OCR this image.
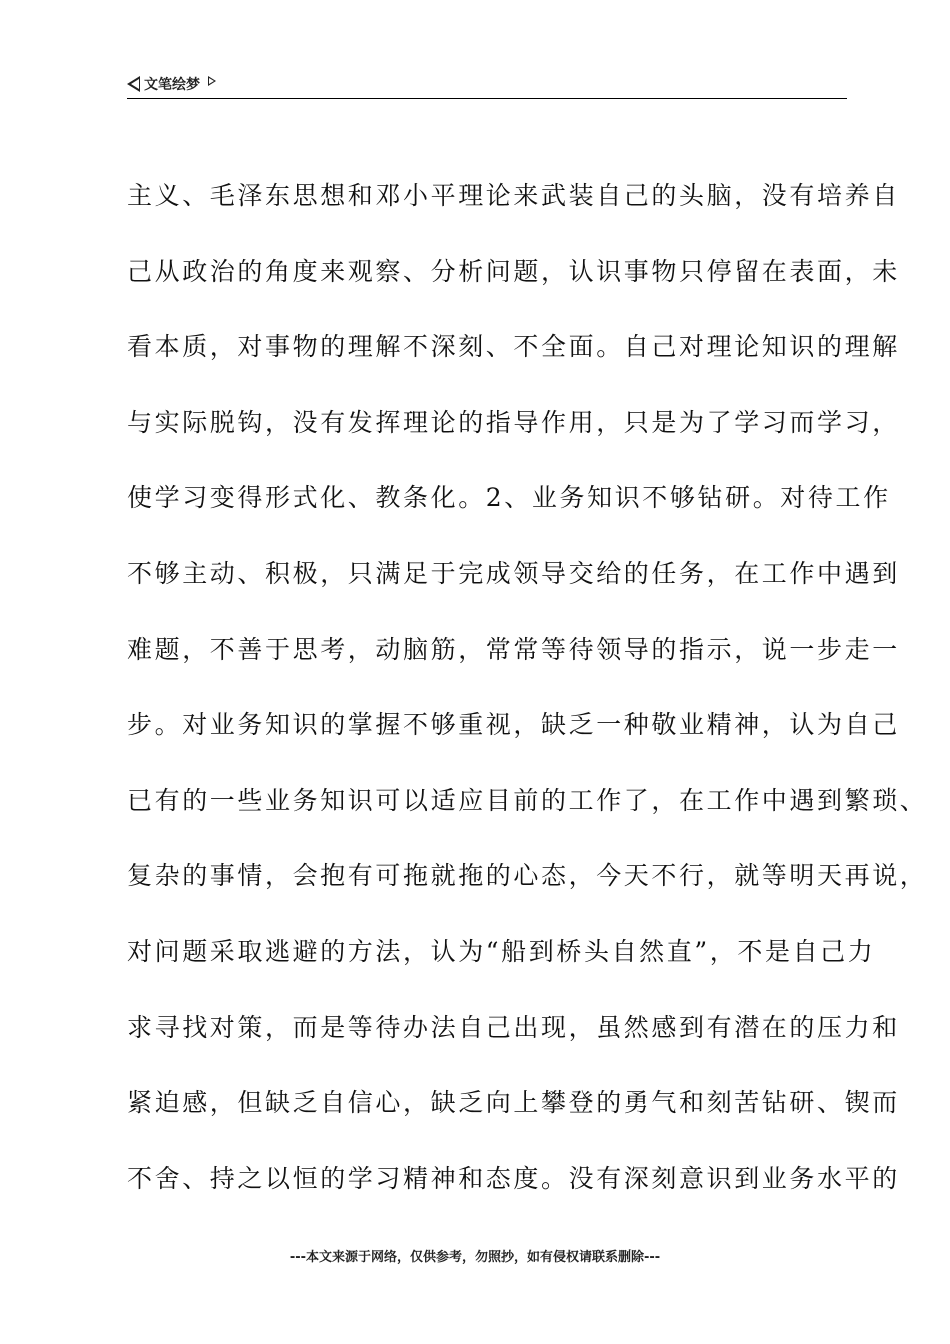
文笔绘梦
主义、毛泽东思想和邓小平理论来武装自己的头脑，没有培养自
己从政治的角度来观察、分析问题，认识事物只停留在表面，未
看本质，对事物的理解不深刻、不全面。自己对理论知识的理解
与实际脱钩，没有发挥理论的指导作用，只是为了学习而学习，
使学习变得形式化、教条化。2、业务知识不够钻研。对待工作
不够主动、积极，只满足于完成领导交给的任务，在工作中遇到
难题，不善于思考，动脑筋，常常等待领导的指示，说一步走一
步。对业务知识的掌握不够重视，缺乏一种敬业精神，认为自己
已有的一些业务知识可以适应目前的工作了，在工作中遇到繁琐、
复杂的事情，会抱有可拖就拖的心态，今天不行，就等明天再说，
对问题采取逃避的方法，认为“船到桥头自然直”，不是自己力
求寻找对策，而是等待办法自己出现，虽然感到有潜在的压力和
紧迫感，但缺乏自信心，缺乏向上攀登的勇气和刻苦钻研、锲而
不舍、持之以恒的学习精神和态度。没有深刻意识到业务水平的
---本文来源于网络，仅供参考，勿照抄，如有侵权请联系删除---
